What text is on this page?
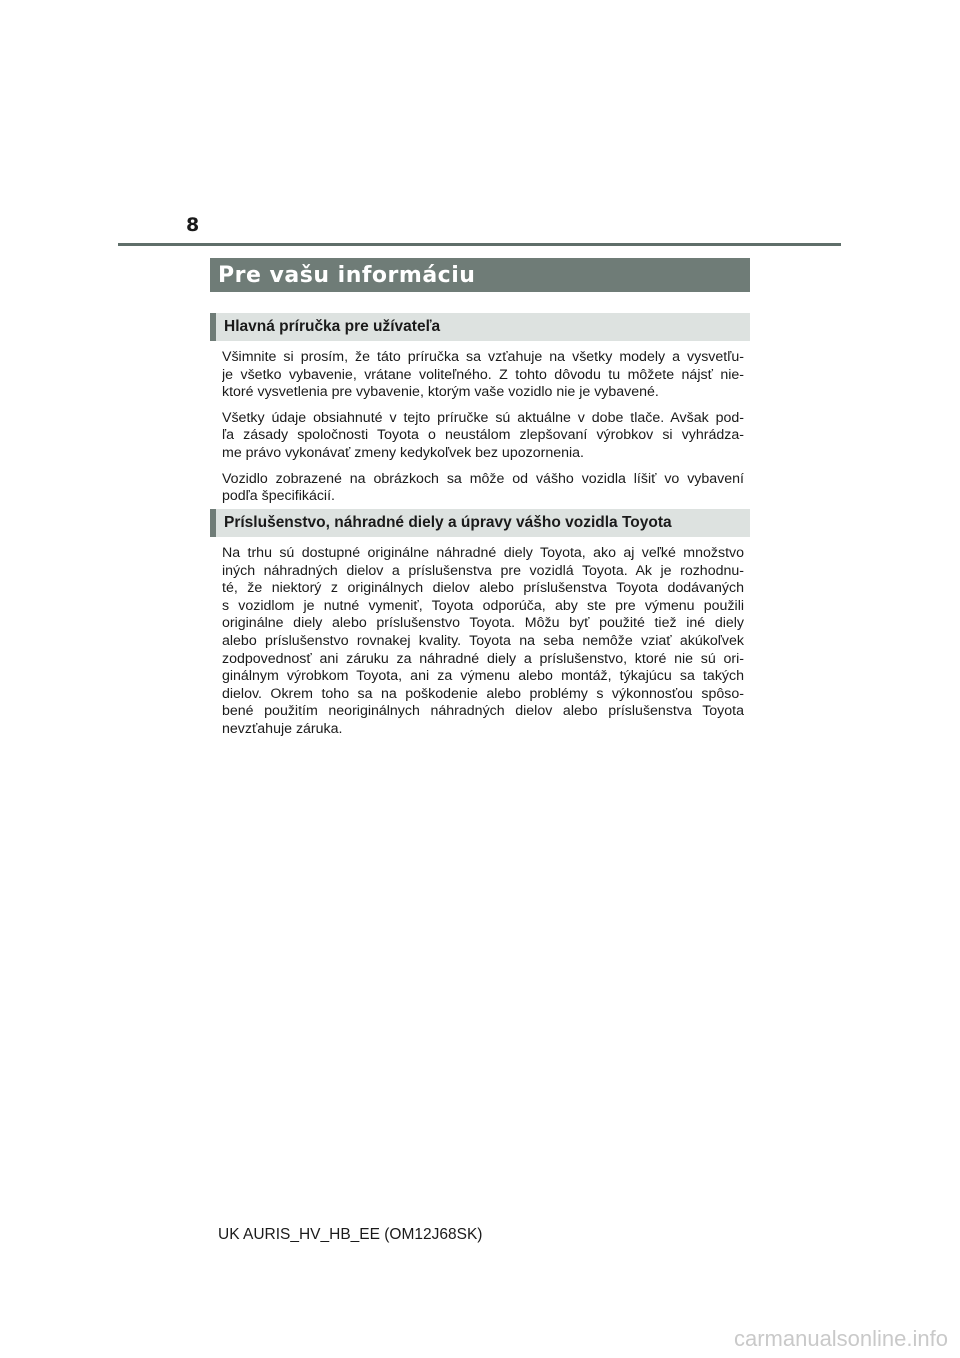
8
Pre vašu informáciu
Hlavná príručka pre užívateľa

Všimnite si prosím, že táto príručka sa vzťahuje na všetky modely a vysvetľu-
je všetko vybavenie, vrátane voliteľného. Z tohto dôvodu tu môžete nájsť nie-
ktoré vysvetlenia pre vybavenie, ktorým vaše vozidlo nie je vybavené.

Všetky údaje obsiahnuté v tejto príručke sú aktuálne v dobe tlače. Avšak pod-
ľa zásady spoločnosti Toyota o neustálom zlepšovaní výrobkov si vyhrádza-
me právo vykonávať zmeny kedykoľvek bez upozornenia.

Vozidlo zobrazené na obrázkoch sa môže od vášho vozidla líšiť vo vybavení
podľa špecifikácií.

Príslušenstvo, náhradné diely a úpravy vášho vozidla Toyota

Na trhu sú dostupné originálne náhradné diely Toyota, ako aj veľké množstvo
iných náhradných dielov a príslušenstva pre vozidlá Toyota. Ak je rozhodnu-
té, že niektorý z originálnych dielov alebo príslušenstva Toyota dodávaných
s vozidlom je nutné vymeniť, Toyota odporúča, aby ste pre výmenu použili
originálne diely alebo príslušenstvo Toyota. Môžu byť použité tiež iné diely
alebo príslušenstvo rovnakej kvality. Toyota na seba nemôže vziať akúkoľvek
zodpovednosť ani záruku za náhradné diely a príslušenstvo, ktoré nie sú ori-
ginálnym výrobkom Toyota, ani za výmenu alebo montáž, týkajúcu sa takých
dielov. Okrem toho sa na poškodenie alebo problémy s výkonnosťou spôso-
bené použitím neoriginálnych náhradných dielov alebo príslušenstva Toyota
nevzťahuje záruka.

UK AURIS_HV_HB_EE (OM12J68SK)
carmanualsonline.info
